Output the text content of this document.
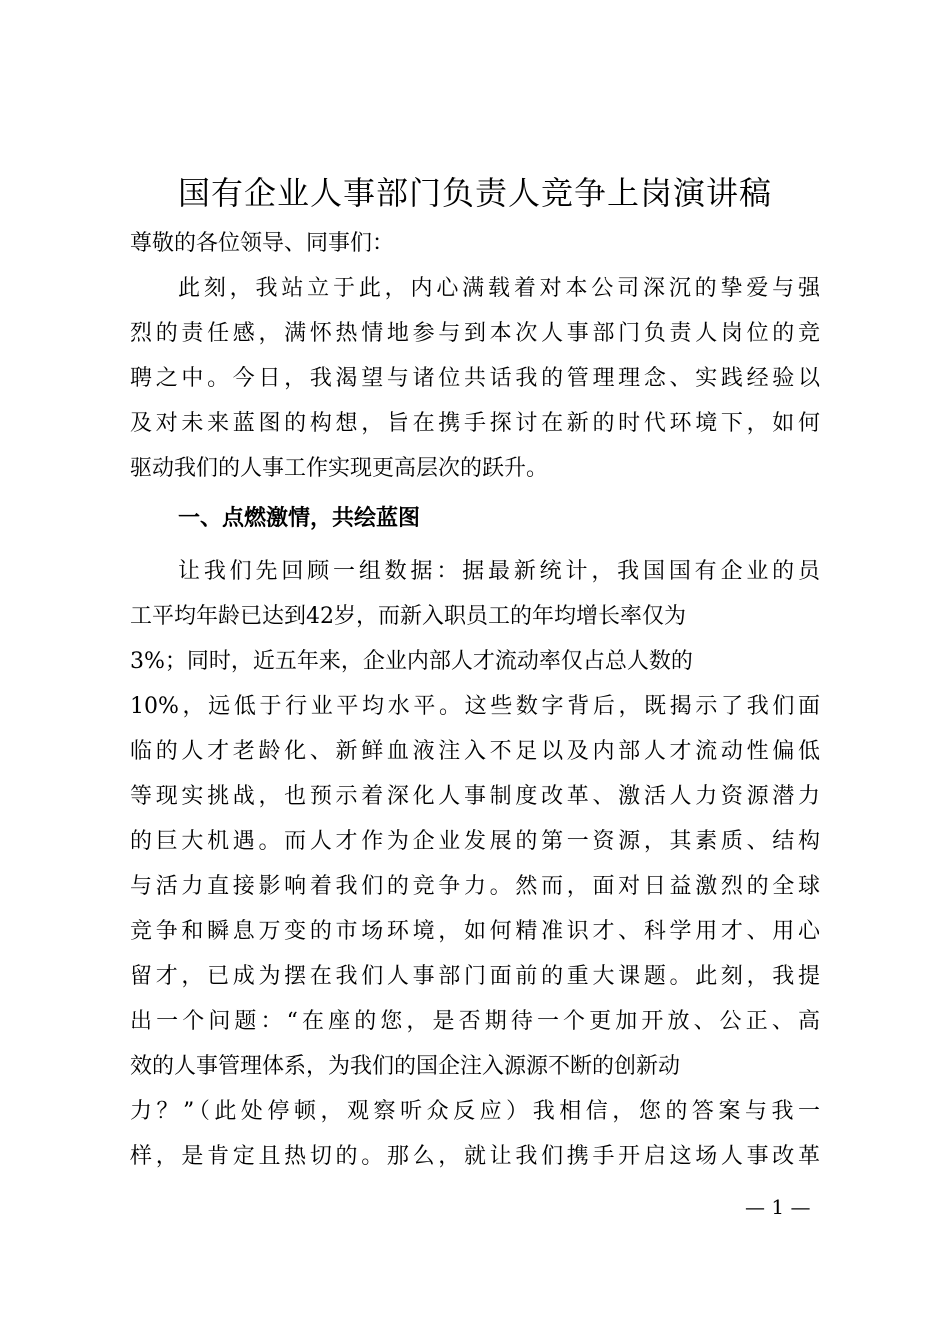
国有企业人事部门负责人竞争上岗演讲稿
尊敬的各位领导、同事们：
此刻，我站立于此，内心满载着对本公司深沉的挚爱与强
烈的责任感，满怀热情地参与到本次人事部门负责人岗位的竞
聘之中。今日，我渴望与诸位共话我的管理理念、实践经验以
及对未来蓝图的构想，旨在携手探讨在新的时代环境下，如何
驱动我们的人事工作实现更高层次的跃升。
一、点燃激情，共绘蓝图
让我们先回顾一组数据：据最新统计，我国国有企业的员
工平均年龄已达到42岁，而新入职员工的年均增长率仅为
3%；同时，近五年来，企业内部人才流动率仅占总人数的
10%，远低于行业平均水平。这些数字背后，既揭示了我们面
临的人才老龄化、新鲜血液注入不足以及内部人才流动性偏低
等现实挑战，也预示着深化人事制度改革、激活人力资源潜力
的巨大机遇。而人才作为企业发展的第一资源，其素质、结构
与活力直接影响着我们的竞争力。然而，面对日益激烈的全球
竞争和瞬息万变的市场环境，如何精准识才、科学用才、用心
留才，已成为摆在我们人事部门面前的重大课题。此刻，我提
出一个问题：“在座的您，是否期待一个更加开放、公正、高
效的人事管理体系，为我们的国企注入源源不断的创新动
力？”（此处停顿，观察听众反应）我相信，您的答案与我一
样，是肯定且热切的。那么，就让我们携手开启这场人事改革
— 1 —
